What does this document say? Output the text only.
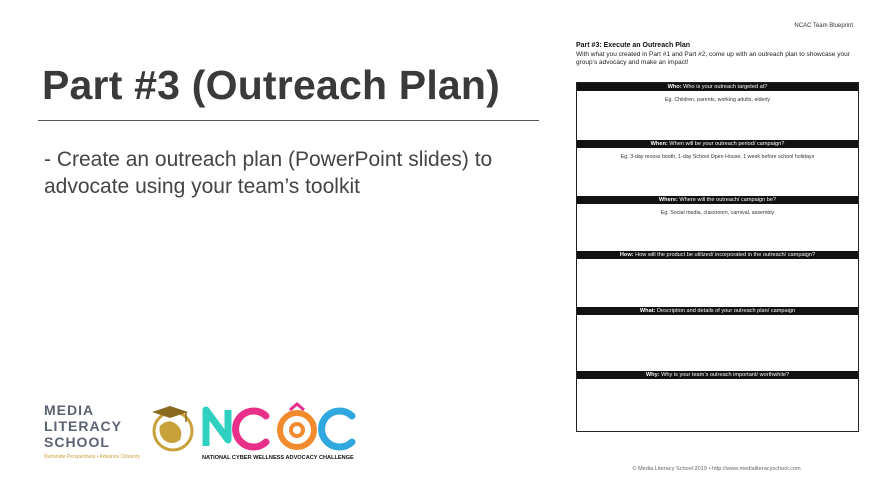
Part #3 (Outreach Plan)
- Create an outreach plan (PowerPoint slides) to advocate using your team’s toolkit
NCAC Team Blueprint
Part #3: Execute an Outreach Plan
With what you created in Part #1 and Part #2, come up with an outreach plan to showcase your group’s advocacy and make an impact!
Who: Who is your outreach targeted at?
Eg. Children, parents, working adults, elderly
When: When will be your outreach period/ campaign?
Eg. 3-day recess booth, 1-day School Open House, 1 week before school holidays
Where: Where will the outreach/ campaign be?
Eg. Social media, classroom, carnival, assembly
How: How will the product be utilized/ incorporated in the outreach/ campaign?
What: Description and details of your outreach plan/ campaign
Why: Why is your team’s outreach important/ worthwhile?
© Media Literacy School 2019 • http://www.medialiteracyschool.com
MEDIA
LITERACY
SCHOOL
Illuminate Perspectives • Advance Citizenry	NATIONAL CYBER WELLNESS ADVOCACY CHALLENGE
